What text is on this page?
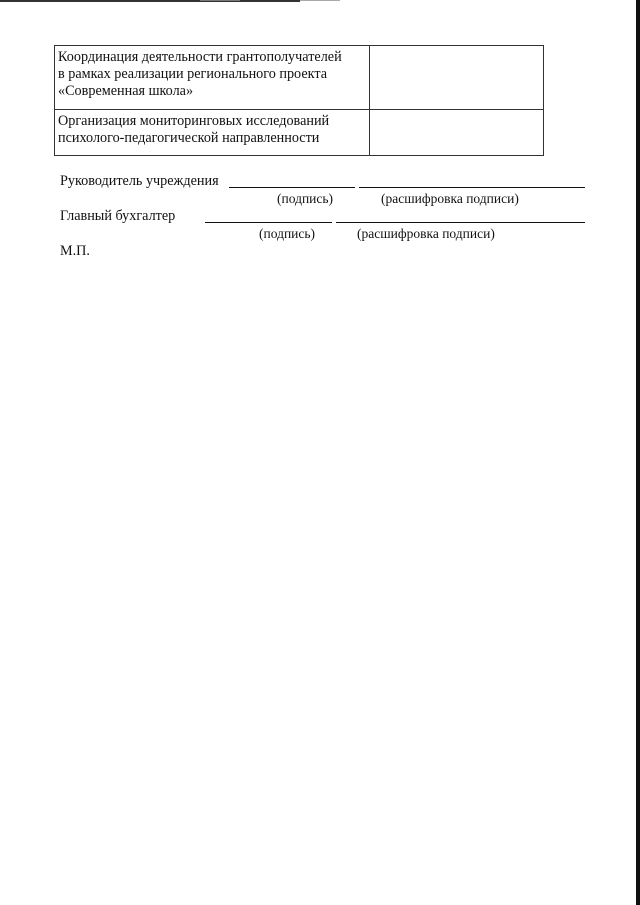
Координация деятельности грантополучателей
в рамках реализации регионального проекта
«Современная школа»	

Организация мониторинговых исследований
психолого-педагогической направленности	

Руководитель учреждения
(подпись)	(расшифровка подписи)
Главный бухгалтер
(подпись)	(расшифровка подписи)
М.П.
